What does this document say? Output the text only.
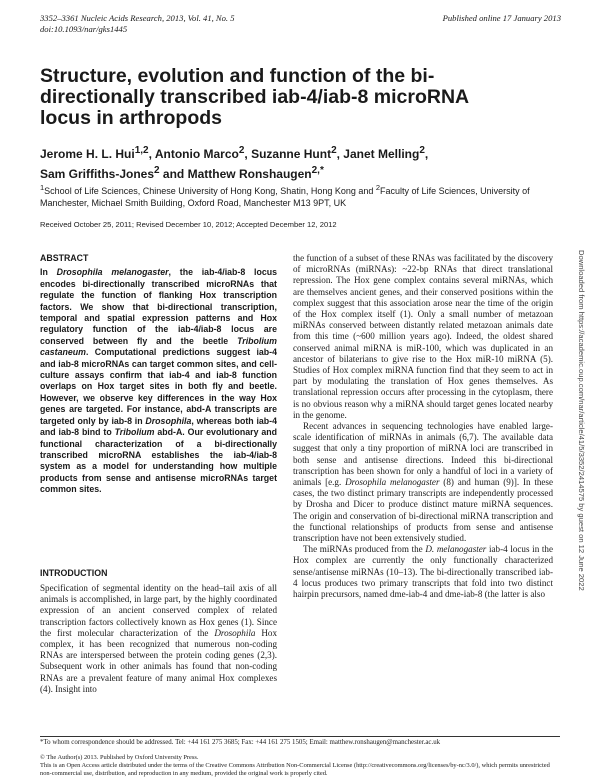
3352–3361 Nucleic Acids Research, 2013, Vol. 41, No. 5
doi:10.1093/nar/gks1445
Published online 17 January 2013
Structure, evolution and function of the bi-directionally transcribed iab-4/iab-8 microRNA locus in arthropods
Jerome H. L. Hui$^{1,2}$, Antonio Marco$^2$, Suzanne Hunt$^2$, Janet Melling$^2$,
Sam Griffiths-Jones$^2$ and Matthew Ronshaugen$^{2,*}$
$^1$School of Life Sciences, Chinese University of Hong Kong, Shatin, Hong Kong and $^2$Faculty of Life Sciences, University of Manchester, Michael Smith Building, Oxford Road, Manchester M13 9PT, UK
Received October 25, 2011; Revised December 10, 2012; Accepted December 12, 2012
ABSTRACT
In Drosophila melanogaster, the iab-4/iab-8 locus encodes bi-directionally transcribed microRNAs that regulate the function of flanking Hox transcription factors. We show that bi-directional transcription, temporal and spatial expression patterns and Hox regulatory function of the iab-4/iab-8 locus are conserved between fly and the beetle Tribolium castaneum. Computational predictions suggest iab-4 and iab-8 microRNAs can target common sites, and cell-culture assays confirm that iab-4 and iab-8 function overlaps on Hox target sites in both fly and beetle. However, we observe key differences in the way Hox genes are targeted. For instance, abd-A transcripts are targeted only by iab-8 in Drosophila, whereas both iab-4 and iab-8 bind to Tribolium abd-A. Our evolutionary and functional characterization of a bi-directionally transcribed microRNA establishes the iab-4/iab-8 system as a model for understanding how multiple products from sense and antisense microRNAs target common sites.
INTRODUCTION
Specification of segmental identity on the head–tail axis of all animals is accomplished, in large part, by the highly coordinated expression of an ancient conserved complex of related transcription factors collectively known as Hox genes (1). Since the first molecular characterization of the Drosophila Hox complex, it has been recognized that numerous non-coding RNAs are interspersed between the protein coding genes (2,3). Subsequent work in other animals has found that non-coding RNAs are a prevalent feature of many animal Hox complexes (4). Insight into

the function of a subset of these RNAs was facilitated by the discovery of microRNAs (miRNAs): ~22-bp RNAs that direct translational repression. The Hox gene complex contains several miRNAs, which are themselves ancient genes, and their conserved positions within the complex suggest that this association arose near the time of the origin of the Hox complex itself (1). Only a small number of metazoan miRNAs conserved between distantly related metazoan animals date from this time (~600 million years ago). Indeed, the oldest shared conserved animal miRNA is miR-100, which was duplicated in an ancestor of bilaterians to give rise to the Hox miR-10 miRNA (5). Studies of Hox complex miRNA function find that they seem to act in part by modulating the translation of Hox genes themselves. As translational repression occurs after processing in the cytoplasm, there is no obvious reason why a miRNA should target genes located nearby in the genome.

Recent advances in sequencing technologies have enabled large-scale identification of miRNAs in animals (6,7). The available data suggest that only a tiny proportion of miRNA loci are transcribed in both sense and antisense directions. Indeed this bi-directional transcription has been shown for only a handful of loci in a variety of animals [e.g. Drosophila melanogaster (8) and human (9)]. In these cases, the two distinct primary transcripts are independently processed by Drosha and Dicer to produce distinct mature miRNA sequences. The origin and conservation of bi-directional miRNA transcription and the functional relationships of products from sense and antisense transcription have not been extensively studied.

The miRNAs produced from the D. melanogaster iab-4 locus in the Hox complex are currently the only functionally characterized sense/antisense miRNAs (10–13). The bi-directionally transcribed iab-4 locus produces two primary transcripts that fold into two distinct hairpin precursors, named dme-iab-4 and dme-iab-8 (the latter is also

Downloaded from https://academic.oup.com/nar/article/41/5/3352/2414575 by guest on 12 June 2022
*To whom correspondence should be addressed. Tel: +44 161 275 3685; Fax: +44 161 275 1505; Email: matthew.ronshaugen@manchester.ac.uk
© The Author(s) 2013. Published by Oxford University Press.
This is an Open Access article distributed under the terms of the Creative Commons Attribution Non-Commercial License (http://creativecommons.org/licenses/by-nc/3.0/), which permits unrestricted non-commercial use, distribution, and reproduction in any medium, provided the original work is properly cited.
